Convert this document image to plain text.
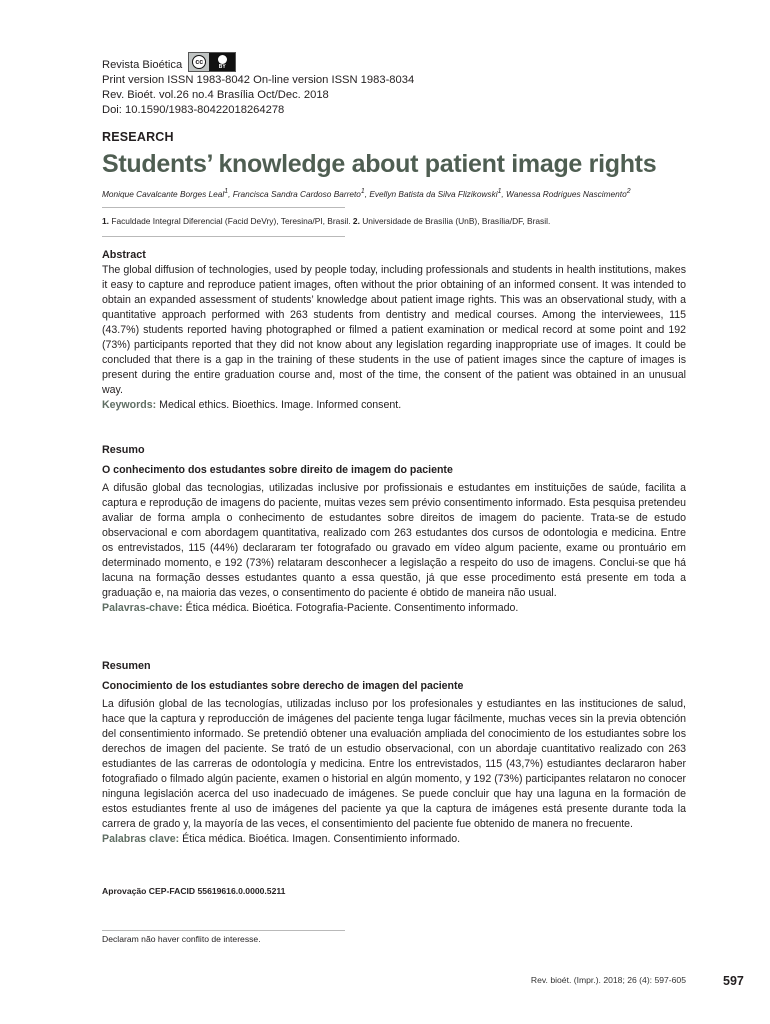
Revista Bioética	cc
BY
Print version ISSN 1983-8042 On-line version ISSN 1983-8034
Rev. Bioét. vol.26 no.4 Brasília Oct/Dec. 2018
Doi: 10.1590/1983-80422018264278
RESEARCH
Students’ knowledge about patient image rights
Monique Cavalcante Borges Leal$^1$, Francisca Sandra Cardoso Barreto$^1$, Evellyn Batista da Silva Flizikowski$^1$, Wanessa Rodrigues Nascimento$^2$
1. Faculdade Integral Diferencial (Facid DeVry), Teresina/PI, Brasil. 2. Universidade de Brasília (UnB), Brasília/DF, Brasil.
Abstract

The global diffusion of technologies, used by people today, including professionals and students in health institutions, makes it easy to capture and reproduce patient images, often without the prior obtaining of an informed consent. It was intended to obtain an expanded assessment of students’ knowledge about patient image rights. This was an observational study, with a quantitative approach performed with 263 students from dentistry and medical courses. Among the interviewees, 115 (43.7%) students reported having photographed or filmed a patient examination or medical record at some point and 192 (73%) participants reported that they did not know about any legislation regarding inappropriate use of images. It could be concluded that there is a gap in the training of these students in the use of patient images since the capture of images is present during the entire graduation course and, most of the time, the consent of the patient was obtained in an unusual way.

Keywords: Medical ethics. Bioethics. Image. Informed consent.
Resumo
O conhecimento dos estudantes sobre direito de imagem do paciente

A difusão global das tecnologias, utilizadas inclusive por profissionais e estudantes em instituições de saúde, facilita a captura e reprodução de imagens do paciente, muitas vezes sem prévio consentimento informado. Esta pesquisa pretendeu avaliar de forma ampla o conhecimento de estudantes sobre direitos de imagem do paciente. Trata-se de estudo observacional e com abordagem quantitativa, realizado com 263 estudantes dos cursos de odontologia e medicina. Entre os entrevistados, 115 (44%) declararam ter fotografado ou gravado em vídeo algum paciente, exame ou prontuário em determinado momento, e 192 (73%) relataram desconhecer a legislação a respeito do uso de imagens. Conclui-se que há lacuna na formação desses estudantes quanto a essa questão, já que esse procedimento está presente em toda a graduação e, na maioria das vezes, o consentimento do paciente é obtido de maneira não usual.

Palavras-chave: Ética médica. Bioética. Fotografia-Paciente. Consentimento informado.
Resumen
Conocimiento de los estudiantes sobre derecho de imagen del paciente

La difusión global de las tecnologías, utilizadas incluso por los profesionales y estudiantes en las instituciones de salud, hace que la captura y reproducción de imágenes del paciente tenga lugar fácilmente, muchas veces sin la previa obtención del consentimiento informado. Se pretendió obtener una evaluación ampliada del conocimiento de los estudiantes sobre los derechos de imagen del paciente. Se trató de un estudio observacional, con un abordaje cuantitativo realizado con 263 estudiantes de las carreras de odontología y medicina. Entre los entrevistados, 115 (43,7%) estudiantes declararon haber fotografiado o filmado algún paciente, examen o historial en algún momento, y 192 (73%) participantes relataron no conocer ninguna legislación acerca del uso inadecuado de imágenes. Se puede concluir que hay una laguna en la formación de estos estudiantes frente al uso de imágenes del paciente ya que la captura de imágenes está presente durante toda la carrera de grado y, la mayoría de las veces, el consentimiento del paciente fue obtenido de manera no frecuente.

Palabras clave: Ética médica. Bioética. Imagen. Consentimiento informado.
Aprovação CEP-FACID 55619616.0.0000.5211
Declaram não haver conflito de interesse.
Rev. bioét. (Impr.). 2018; 26 (4): 597-605	597
